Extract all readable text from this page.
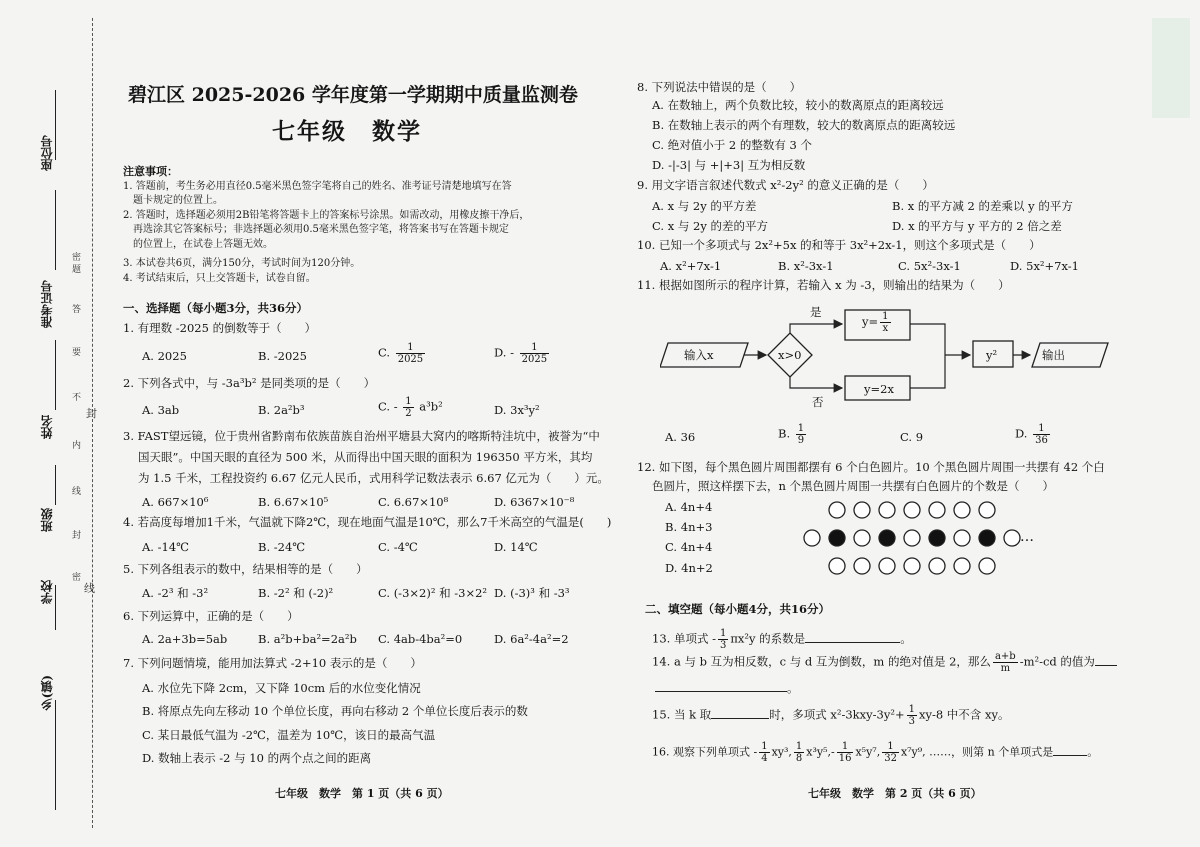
座位号
准考证号
姓名
班级
学校
乡(镇)
密
题
答
要
不
内
线
封
密
封
线
碧江区 2025-2026 学年度第一学期期中质量监测卷
七年级　数学
注意事项：
1. 答题前，考生务必用直径0.5毫米黑色签字笔将自己的姓名、准考证号清楚地填写在答
　题卡规定的位置上。
2. 答题时，选择题必须用2B铅笔将答题卡上的答案标号涂黑。如需改动，用橡皮擦干净后，
　再选涂其它答案标号；非选择题必须用0.5毫米黑色签字笔，将答案书写在答题卡规定
　的位置上，在试卷上答题无效。
3. 本试卷共6页，满分150分，考试时间为120分钟。
4. 考试结束后，只上交答题卡，试卷自留。
一、选择题（每小题3分，共36分）
1. 有理数 -2025 的倒数等于（　　）
A. 2025	B. -2025	C. $\frac{1}{2025}$	D. - $\frac{1}{2025}$
2. 下列各式中，与 -3a³b² 是同类项的是（　　）
A. 3ab	B. 2a²b³	C. - $\frac{1}{2} a^3b^2$	D. 3x³y²
3. FAST望远镜，位于贵州省黔南布依族苗族自治州平塘县大窝内的喀斯特洼坑中，被誉为“中
国天眼”。中国天眼的直径为 500 米，从而得出中国天眼的面积为 196350 平方米，其均
为 1.5 千米，工程投资约 6.67 亿元人民币，式用科学记数法表示 6.67 亿元为（　　）元。
A. 667×10⁶	B. 6.67×10⁵	C. 6.67×10⁸	D. 6367×10⁻⁸
4. 若高度每增加1千米，气温就下降2℃，现在地面气温是10℃，那么7千米高空的气温是(　　)
A. -14℃	B. -24℃	C. -4℃	D. 14℃
5. 下列各组表示的数中，结果相等的是（　　）
A. -2³ 和 -3²	B. -2² 和 (-2)²	C. (-3×2)² 和 -3×2² D. (-3)³ 和 -3³
6. 下列运算中，正确的是（　　）
A. 2a+3b=5ab	B. a²b+ba²=2a²b C. 4ab-4ba²=0	D. 6a²-4a²=2
7. 下列问题情境，能用加法算式 -2+10 表示的是（　　）
A. 水位先下降 2cm，又下降 10cm 后的水位变化情况
B. 将原点先向左移动 10 个单位长度，再向右移动 2 个单位长度后表示的数
C. 某日最低气温为 -2℃，温差为 10℃，该日的最高气温
D. 数轴上表示 -2 与 10 的两个点之间的距离
七年级　数学　第 1 页（共 6 页）
8. 下列说法中错误的是（　　）
A. 在数轴上，两个负数比较，较小的数离原点的距离较远
B. 在数轴上表示的两个有理数，较大的数离原点的距离较远
C. 绝对值小于 2 的整数有 3 个
D. -|-3| 与 +|+3| 互为相反数
9. 用文字语言叙述代数式 x²-2y² 的意义正确的是（　　）
A. x 与 2y 的平方差	B. x 的平方减 2 的差乘以 y 的平方
C. x 与 2y 的差的平方	D. x 的平方与 y 平方的 2 倍之差
10. 已知一个多项式与 2x²+5x 的和等于 3x²+2x-1，则这个多项式是（　　）
A. x²+7x-1	B. x²-3x-1	C. 5x²-3x-1	D. 5x²+7x-1
11. 根据如图所示的程序计算，若输入 x 为 -3，则输出的结果为（　　）
输入x	x>0
是
否
$y= \frac{1}{x}$
y=2x
y²	输出
A. 36	B. $\frac{1}{9}$	C. 9	D. $\frac{1}{36}$
12. 如下图，每个黑色圆片周围都摆有 6 个白色圆片。10 个黑色圆片周围一共摆有 42 个白
色圆片，照这样摆下去，n 个黑色圆片周围一共摆有白色圆片的个数是（　　）
A. 4n+4
B. 4n+3
C. 4n+4
D. 4n+2
…
二、填空题（每小题4分，共16分）
13. 单项式 - $\frac{1}{3} \pi x^2y$ 的系数是	。
14. a 与 b 互为相反数，c 与 d 互为倒数，m 的绝对值是 2，那么 $\frac{a+b}{m} -m^2-cd$ 的值为
。
15. 当 k 取	时，多项式 $x^2-3kxy-3y^2+ \frac{1}{3} xy-8$ 中不含 xy。
16. 观察下列单项式 - $\frac{1}{4} xy^3$, $\frac{1}{8} x^3y^5,- \frac{1}{16} x^5y^7$, $\frac{1}{32} x^7y^9$, ……，则第 n 个单项式是	。
七年级　数学　第 2 页（共 6 页）
